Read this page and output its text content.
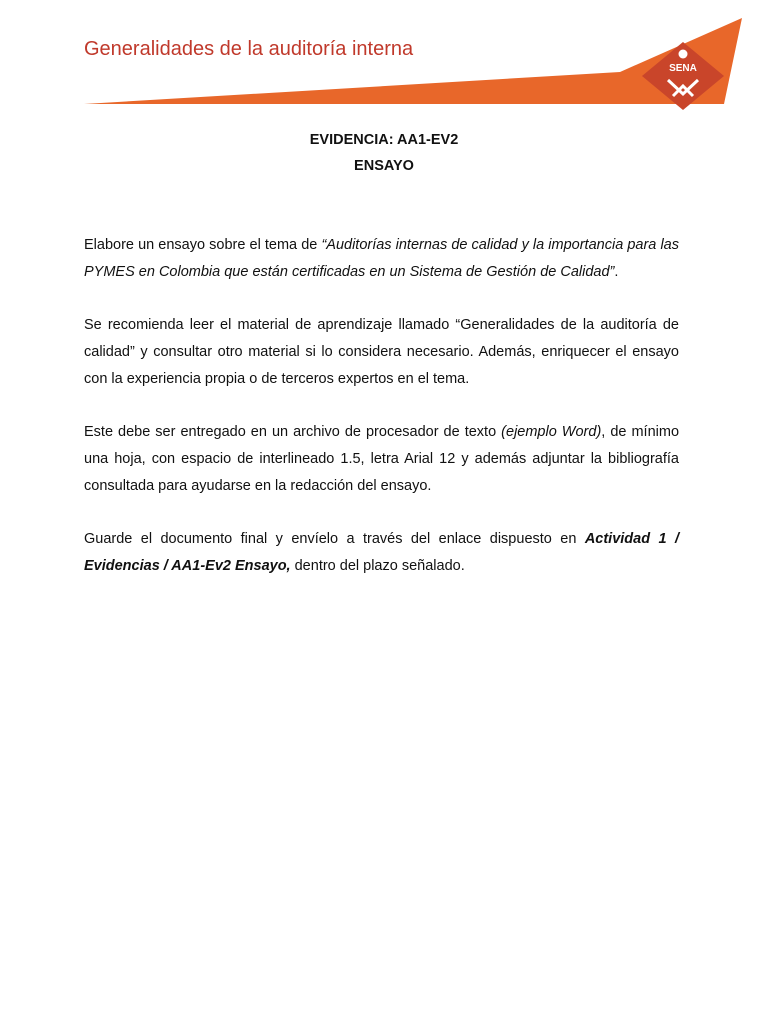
Generalidades de la auditoría interna
SENA
EVIDENCIA: AA1-EV2
ENSAYO

Elabore un ensayo sobre el tema de “Auditorías internas de calidad y la importancia para las PYMES en Colombia que están certificadas en un Sistema de Gestión de Calidad”.

Se recomienda leer el material de aprendizaje llamado “Generalidades de la auditoría de calidad” y consultar otro material si lo considera necesario. Además, enriquecer el ensayo con la experiencia propia o de terceros expertos en el tema.

Este debe ser entregado en un archivo de procesador de texto (ejemplo Word), de mínimo una hoja, con espacio de interlineado 1.5, letra Arial 12 y además adjuntar la bibliografía consultada para ayudarse en la redacción del ensayo.

Guarde el documento final y envíelo a través del enlace dispuesto en Actividad 1 / Evidencias / AA1-Ev2 Ensayo, dentro del plazo señalado.
